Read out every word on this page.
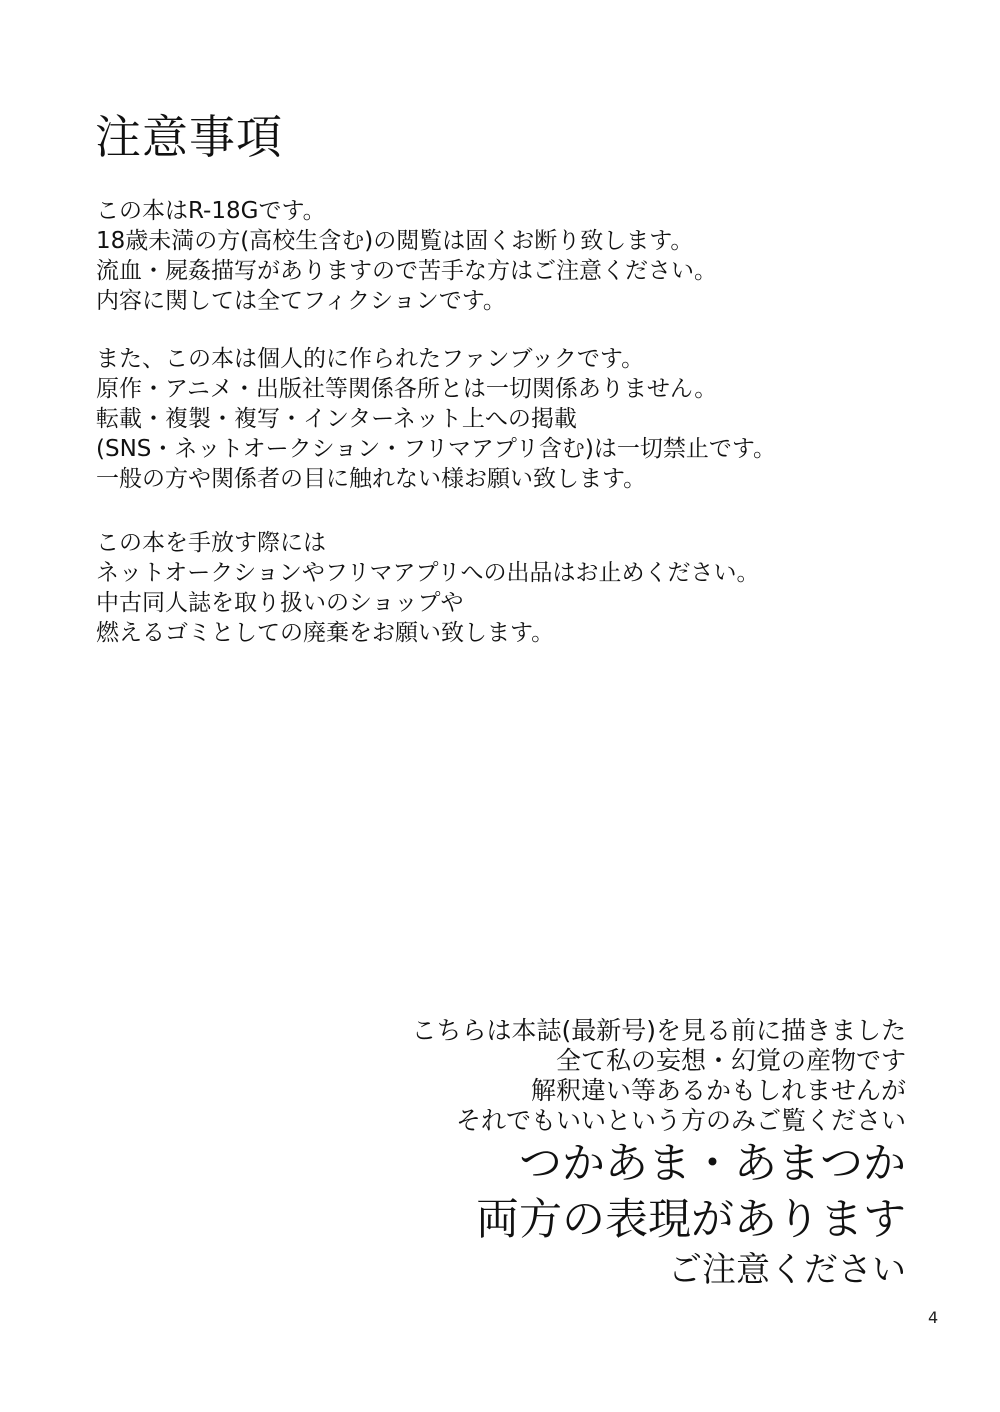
注意事項

この本はR-18Gです。

18歳未満の方(高校生含む)の閲覧は固くお断り致します。

流血・屍姦描写がありますので苦手な方はご注意ください。

内容に関しては全てフィクションです。

また、この本は個人的に作られたファンブックです。

原作・アニメ・出版社等関係各所とは一切関係ありません。

転載・複製・複写・インターネット上への掲載

(SNS・ネットオークション・フリマアプリ含む)は一切禁止です。

一般の方や関係者の目に触れない様お願い致します。

この本を手放す際には

ネットオークションやフリマアプリへの出品はお止めください。

中古同人誌を取り扱いのショップや

燃えるゴミとしての廃棄をお願い致します。

こちらは本誌(最新号)を見る前に描きました

全て私の妄想・幻覚の産物です

解釈違い等あるかもしれませんが

それでもいいという方のみご覧ください

つかあま・あまつか

両方の表現があります

ご注意ください

4
